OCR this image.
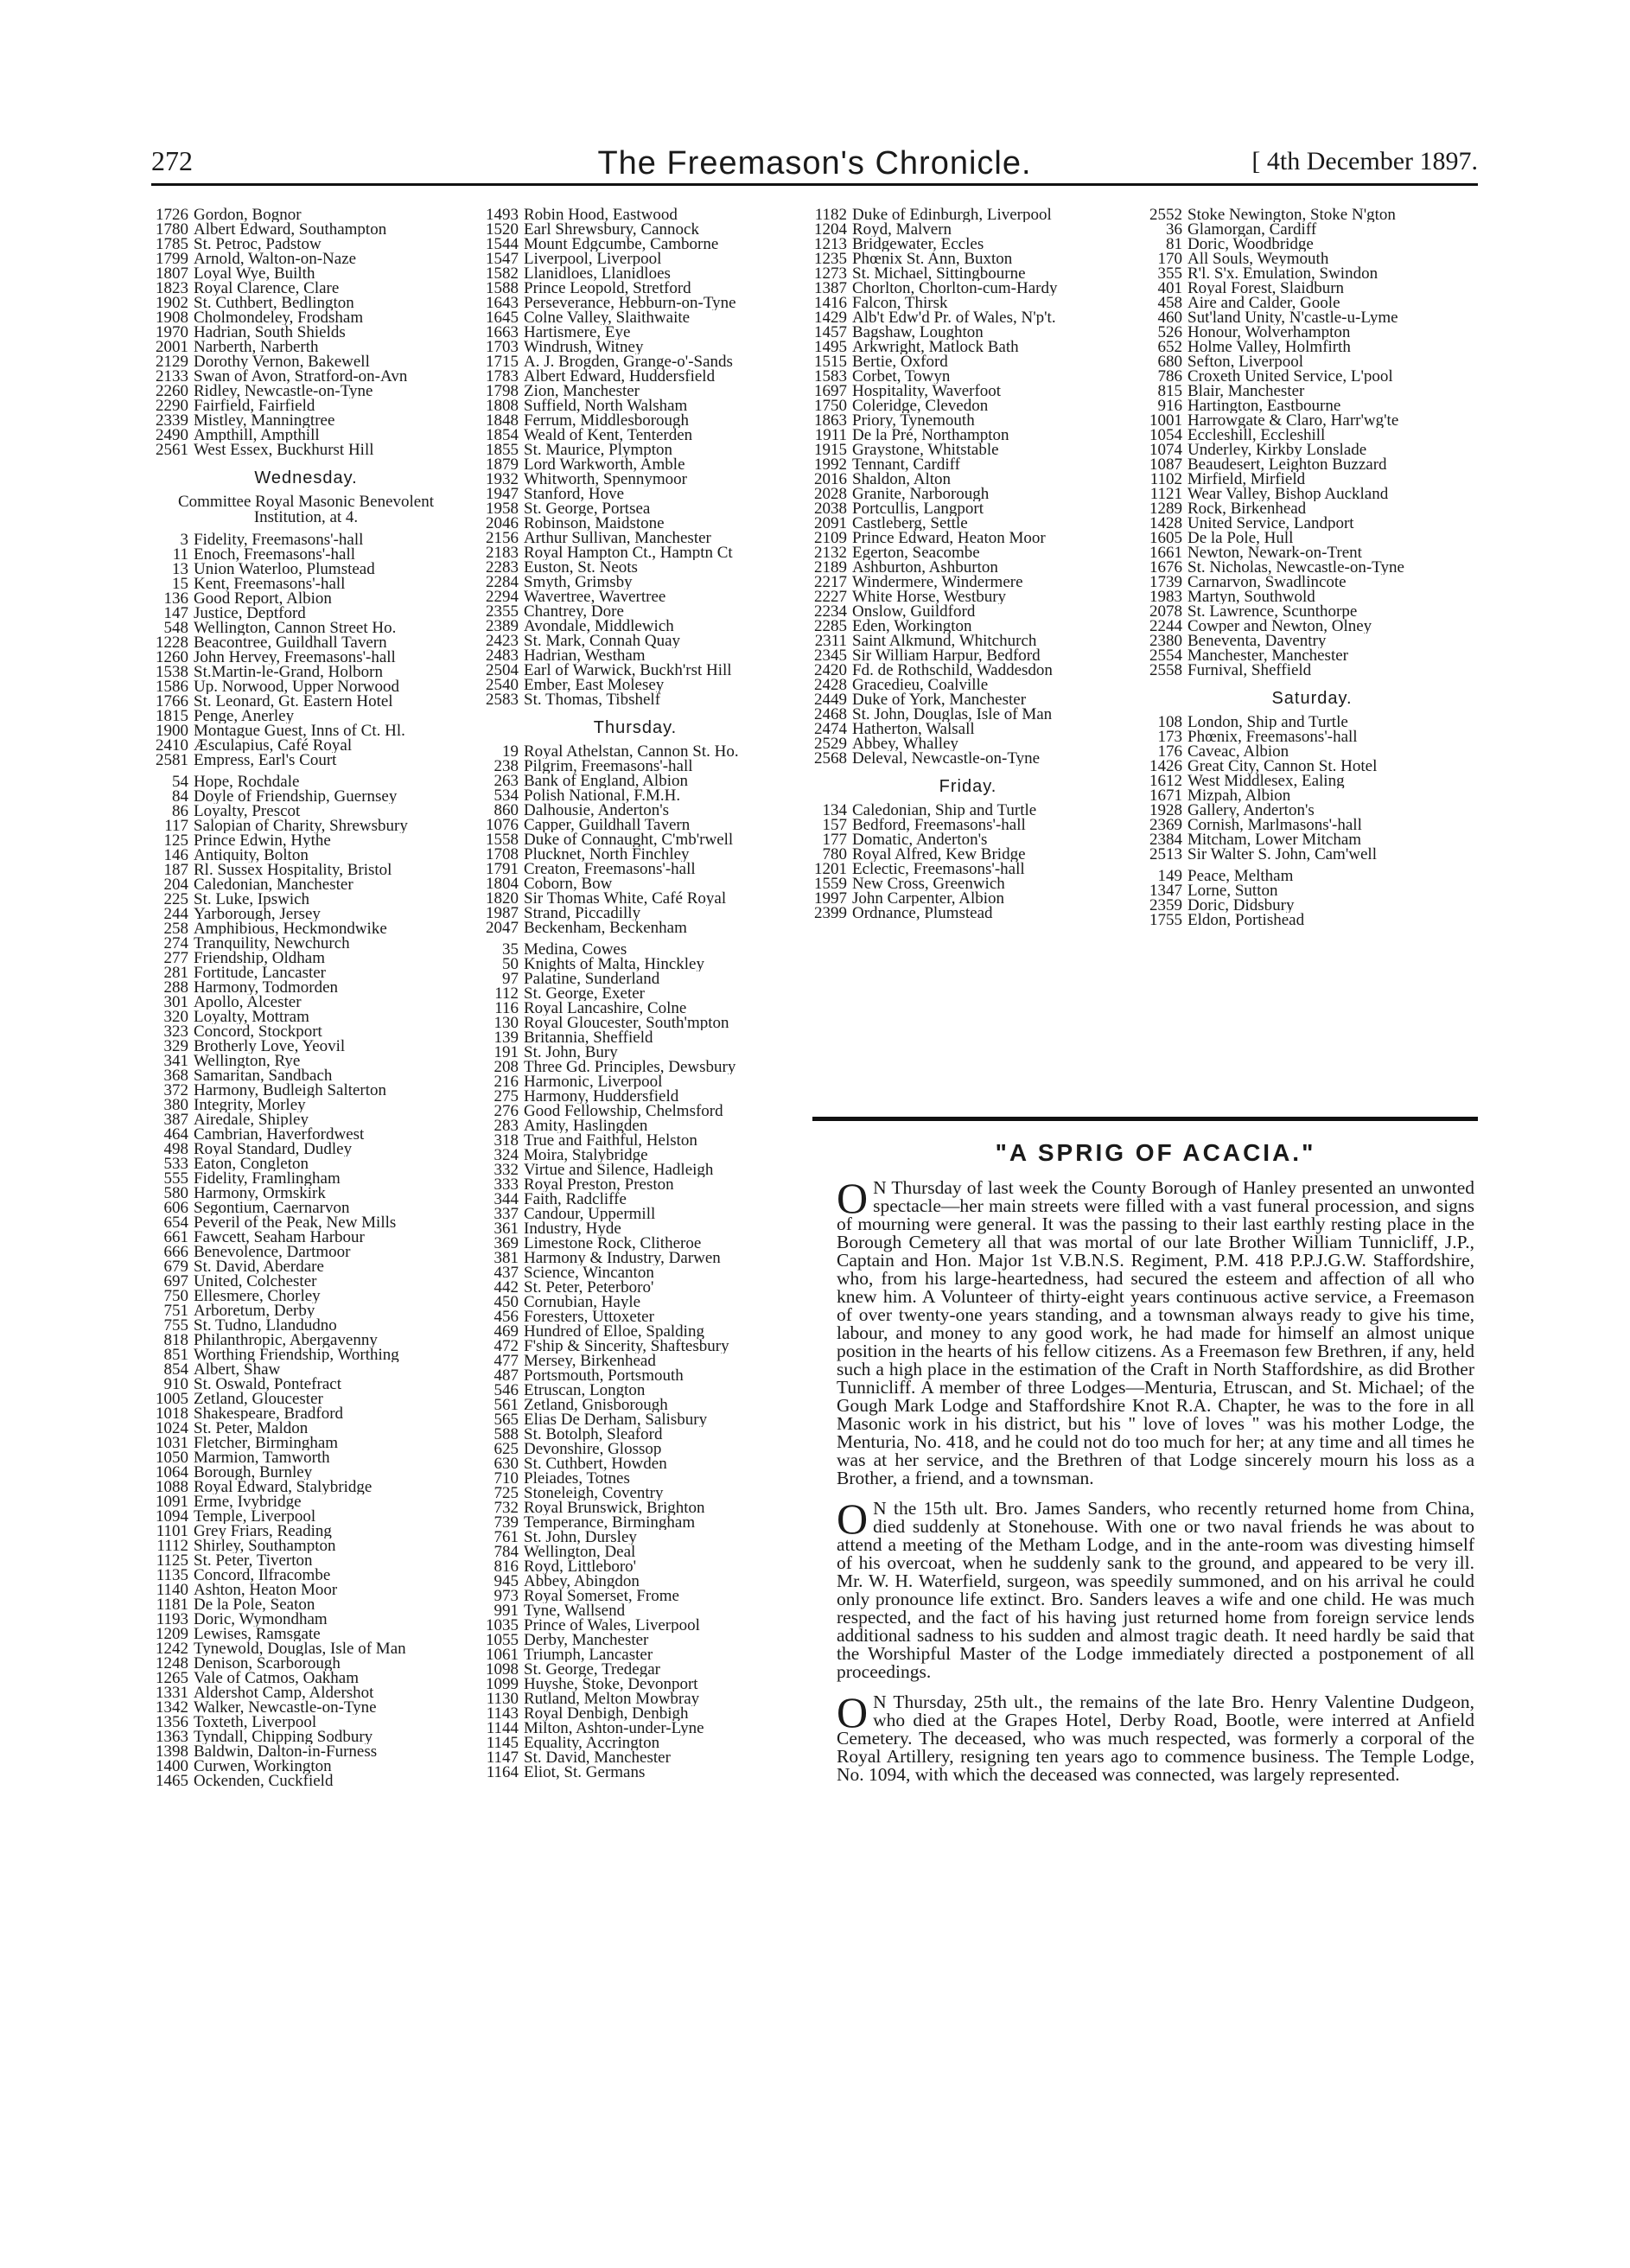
272	The Freemason's Chronicle.	[ 4th December 1897.
1726 Gordon, Bognor
1780 Albert Edward, Southampton
1785 St. Petroc, Padstow
1799 Arnold, Walton-on-Naze
1807 Loyal Wye, Builth
1823 Royal Clarence, Clare
1902 St. Cuthbert, Bedlington
1908 Cholmondeley, Frodsham
1970 Hadrian, South Shields
2001 Narberth, Narberth
2129 Dorothy Vernon, Bakewell
2133 Swan of Avon, Stratford-on-Avn
2260 Ridley, Newcastle-on-Tyne
2290 Fairfield, Fairfield
2339 Mistley, Manningtree
2490 Ampthill, Ampthill
2561 West Essex, Buckhurst Hill
Wednesday.
Committee Royal Masonic Benevolent Institution, at 4.
3 Fidelity, Freemasons'-hall
11 Enoch, Freemasons'-hall
13 Union Waterloo, Plumstead
15 Kent, Freemasons'-hall
136 Good Report, Albion
147 Justice, Deptford
548 Wellington, Cannon Street Ho.
1228 Beacontree, Guildhall Tavern
1260 John Hervey, Freemasons'-hall
1538 St.Martin-le-Grand, Holborn
1586 Up. Norwood, Upper Norwood
1766 St. Leonard, Gt. Eastern Hotel
1815 Penge, Anerley
1900 Montague Guest, Inns of Ct. Hl.
2410 Æsculapius, Café Royal
2581 Empress, Earl's Court
54 Hope, Rochdale
84 Doyle of Friendship, Guernsey
86 Loyalty, Prescot
117 Salopian of Charity, Shrewsbury
125 Prince Edwin, Hythe
146 Antiquity, Bolton
187 Rl. Sussex Hospitality, Bristol
204 Caledonian, Manchester
225 St. Luke, Ipswich
244 Yarborough, Jersey
258 Amphibious, Heckmondwike
274 Tranquility, Newchurch
277 Friendship, Oldham
281 Fortitude, Lancaster
288 Harmony, Todmorden
301 Apollo, Alcester
320 Loyalty, Mottram
323 Concord, Stockport
329 Brotherly Love, Yeovil
341 Wellington, Rye
368 Samaritan, Sandbach
372 Harmony, Budleigh Salterton
380 Integrity, Morley
387 Airedale, Shipley
464 Cambrian, Haverfordwest
498 Royal Standard, Dudley
533 Eaton, Congleton
555 Fidelity, Framlingham
580 Harmony, Ormskirk
606 Segontium, Caernarvon
654 Peveril of the Peak, New Mills
661 Fawcett, Seaham Harbour
666 Benevolence, Dartmoor
679 St. David, Aberdare
697 United, Colchester
750 Ellesmere, Chorley
751 Arboretum, Derby
755 St. Tudno, Llandudno
818 Philanthropic, Abergavenny
851 Worthing Friendship, Worthing
854 Albert, Shaw
910 St. Oswald, Pontefract
1005 Zetland, Gloucester
1018 Shakespeare, Bradford
1024 St. Peter, Maldon
1031 Fletcher, Birmingham
1050 Marmion, Tamworth
1064 Borough, Burnley
1088 Royal Edward, Stalybridge
1091 Erme, Ivybridge
1094 Temple, Liverpool
1101 Grey Friars, Reading
1112 Shirley, Southampton
1125 St. Peter, Tiverton
1135 Concord, Ilfracombe
1140 Ashton, Heaton Moor
1181 De la Pole, Seaton
1193 Doric, Wymondham
1209 Lewises, Ramsgate
1242 Tynewold, Douglas, Isle of Man
1248 Denison, Scarborough
1265 Vale of Catmos, Oakham
1331 Aldershot Camp, Aldershot
1342 Walker, Newcastle-on-Tyne
1356 Toxteth, Liverpool
1363 Tyndall, Chipping Sodbury
1398 Baldwin, Dalton-in-Furness
1400 Curwen, Workington
1465 Ockenden, Cuckfield
1493 Robin Hood, Eastwood
1520 Earl Shrewsbury, Cannock
1544 Mount Edgcumbe, Camborne
1547 Liverpool, Liverpool
1582 Llanidloes, Llanidloes
1588 Prince Leopold, Stretford
1643 Perseverance, Hebburn-on-Tyne
1645 Colne Valley, Slaithwaite
1663 Hartismere, Eye
1703 Windrush, Witney
1715 A. J. Brogden, Grange-o'-Sands
1783 Albert Edward, Huddersfield
1798 Zion, Manchester
1808 Suffield, North Walsham
1848 Ferrum, Middlesborough
1854 Weald of Kent, Tenterden
1855 St. Maurice, Plympton
1879 Lord Warkworth, Amble
1932 Whitworth, Spennymoor
1947 Stanford, Hove
1958 St. George, Portsea
2046 Robinson, Maidstone
2156 Arthur Sullivan, Manchester
2183 Royal Hampton Ct., Hamptn Ct
2283 Euston, St. Neots
2284 Smyth, Grimsby
2294 Wavertree, Wavertree
2355 Chantrey, Dore
2389 Avondale, Middlewich
2423 St. Mark, Connah Quay
2483 Hadrian, Westham
2504 Earl of Warwick, Buckh'rst Hill
2540 Ember, East Molesey
2583 St. Thomas, Tibshelf
Thursday.
19 Royal Athelstan, Cannon St. Ho.
238 Pilgrim, Freemasons'-hall
263 Bank of England, Albion
534 Polish National, F.M.H.
860 Dalhousie, Anderton's
1076 Capper, Guildhall Tavern
1558 Duke of Connaught, C'mb'rwell
1708 Plucknet, North Finchley
1791 Creaton, Freemasons'-hall
1804 Coborn, Bow
1820 Sir Thomas White, Café Royal
1987 Strand, Piccadilly
2047 Beckenham, Beckenham
35 Medina, Cowes
50 Knights of Malta, Hinckley
97 Palatine, Sunderland
112 St. George, Exeter
116 Royal Lancashire, Colne
130 Royal Gloucester, South'mpton
139 Britannia, Sheffield
191 St. John, Bury
208 Three Gd. Principles, Dewsbury
216 Harmonic, Liverpool
275 Harmony, Huddersfield
276 Good Fellowship, Chelmsford
283 Amity, Haslingden
318 True and Faithful, Helston
324 Moira, Stalybridge
332 Virtue and Silence, Hadleigh
333 Royal Preston, Preston
344 Faith, Radcliffe
337 Candour, Uppermill
361 Industry, Hyde
369 Limestone Rock, Clitheroe
381 Harmony & Industry, Darwen
437 Science, Wincanton
442 St. Peter, Peterboro'
450 Cornubian, Hayle
456 Foresters, Uttoxeter
469 Hundred of Elloe, Spalding
472 F'ship & Sincerity, Shaftesbury
477 Mersey, Birkenhead
487 Portsmouth, Portsmouth
546 Etruscan, Longton
561 Zetland, Gnisborough
565 Elias De Derham, Salisbury
588 St. Botolph, Sleaford
625 Devonshire, Glossop
630 St. Cuthbert, Howden
710 Pleiades, Totnes
725 Stoneleigh, Coventry
732 Royal Brunswick, Brighton
739 Temperance, Birmingham
761 St. John, Dursley
784 Wellington, Deal
816 Royd, Littleboro'
945 Abbey, Abingdon
973 Royal Somerset, Frome
991 Tyne, Wallsend
1035 Prince of Wales, Liverpool
1055 Derby, Manchester
1061 Triumph, Lancaster
1098 St. George, Tredegar
1099 Huyshe, Stoke, Devonport
1130 Rutland, Melton Mowbray
1143 Royal Denbigh, Denbigh
1144 Milton, Ashton-under-Lyne
1145 Equality, Accrington
1147 St. David, Manchester
1164 Eliot, St. Germans
1182 Duke of Edinburgh, Liverpool
1204 Royd, Malvern
1213 Bridgewater, Eccles
1235 Phœnix St. Ann, Buxton
1273 St. Michael, Sittingbourne
1387 Chorlton, Chorlton-cum-Hardy
1416 Falcon, Thirsk
1429 Alb't Edw'd Pr. of Wales, N'p't.
1457 Bagshaw, Loughton
1495 Arkwright, Matlock Bath
1515 Bertie, Oxford
1583 Corbet, Towyn
1697 Hospitality, Waverfoot
1750 Coleridge, Clevedon
1863 Priory, Tynemouth
1911 De la Pré, Northampton
1915 Graystone, Whitstable
1992 Tennant, Cardiff
2016 Shaldon, Alton
2028 Granite, Narborough
2038 Portcullis, Langport
2091 Castleberg, Settle
2109 Prince Edward, Heaton Moor
2132 Egerton, Seacombe
2189 Ashburton, Ashburton
2217 Windermere, Windermere
2227 White Horse, Westbury
2234 Onslow, Guildford
2285 Eden, Workington
2311 Saint Alkmund, Whitchurch
2345 Sir William Harpur, Bedford
2420 Fd. de Rothschild, Waddesdon
2428 Gracedieu, Coalville
2449 Duke of York, Manchester
2468 St. John, Douglas, Isle of Man
2474 Hatherton, Walsall
2529 Abbey, Whalley
2568 Deleval, Newcastle-on-Tyne
Friday.
134 Caledonian, Ship and Turtle
157 Bedford, Freemasons'-hall
177 Domatic, Anderton's
780 Royal Alfred, Kew Bridge
1201 Eclectic, Freemasons'-hall
1559 New Cross, Greenwich
1997 John Carpenter, Albion
2399 Ordnance, Plumstead
2552 Stoke Newington, Stoke N'gton
36 Glamorgan, Cardiff
81 Doric, Woodbridge
170 All Souls, Weymouth
355 R'l. S'x. Emulation, Swindon
401 Royal Forest, Slaidburn
458 Aire and Calder, Goole
460 Sut'land Unity, N'castle-u-Lyme
526 Honour, Wolverhampton
652 Holme Valley, Holmfirth
680 Sefton, Liverpool
786 Croxeth United Service, L'pool
815 Blair, Manchester
916 Hartington, Eastbourne
1001 Harrowgate & Claro, Harr'wg'te
1054 Eccleshill, Eccleshill
1074 Underley, Kirkby Lonslade
1087 Beaudesert, Leighton Buzzard
1102 Mirfield, Mirfield
1121 Wear Valley, Bishop Auckland
1289 Rock, Birkenhead
1428 United Service, Landport
1605 De la Pole, Hull
1661 Newton, Newark-on-Trent
1676 St. Nicholas, Newcastle-on-Tyne
1739 Carnarvon, Swadlincote
1983 Martyn, Southwold
2078 St. Lawrence, Scunthorpe
2244 Cowper and Newton, Olney
2380 Beneventa, Daventry
2554 Manchester, Manchester
2558 Furnival, Sheffield
Saturday.
108 London, Ship and Turtle
173 Phœnix, Freemasons'-hall
176 Caveac, Albion
1426 Great City, Cannon St. Hotel
1612 West Middlesex, Ealing
1671 Mizpah, Albion
1928 Gallery, Anderton's
2369 Cornish, Marlmasons'-hall
2384 Mitcham, Lower Mitcham
2513 Sir Walter S. John, Cam'well
149 Peace, Meltham
1347 Lorne, Sutton
2359 Doric, Didsbury
1755 Eldon, Portishead
"A SPRIG OF ACACIA."

O N Thursday of last week the County Borough of Hanley presented an unwonted spectacle—her main streets were filled with a vast funeral procession, and signs of mourning were general. It was the passing to their last earthly resting place in the Borough Cemetery all that was mortal of our late Brother William Tunnicliff, J.P., Captain and Hon. Major 1st V.B.N.S. Regiment, P.M. 418 P.P.J.G.W. Staffordshire, who, from his large-heartedness, had secured the esteem and affection of all who knew him. A Volunteer of thirty-eight years continuous active service, a Freemason of over twenty-one years standing, and a townsman always ready to give his time, labour, and money to any good work, he had made for himself an almost unique position in the hearts of his fellow citizens. As a Freemason few Brethren, if any, held such a high place in the estimation of the Craft in North Staffordshire, as did Brother Tunnicliff. A member of three Lodges—Menturia, Etruscan, and St. Michael; of the Gough Mark Lodge and Staffordshire Knot R.A. Chapter, he was to the fore in all Masonic work in his district, but his " love of loves " was his mother Lodge, the Menturia, No. 418, and he could not do too much for her; at any time and all times he was at her service, and the Brethren of that Lodge sincerely mourn his loss as a Brother, a friend, and a townsman.

O N the 15th ult. Bro. James Sanders, who recently returned home from China, died suddenly at Stonehouse. With one or two naval friends he was about to attend a meeting of the Metham Lodge, and in the ante-room was divesting himself of his overcoat, when he suddenly sank to the ground, and appeared to be very ill. Mr. W. H. Waterfield, surgeon, was speedily summoned, and on his arrival he could only pronounce life extinct. Bro. Sanders leaves a wife and one child. He was much respected, and the fact of his having just returned home from foreign service lends additional sadness to his sudden and almost tragic death. It need hardly be said that the Worshipful Master of the Lodge immediately directed a postponement of all proceedings.

O N Thursday, 25th ult., the remains of the late Bro. Henry Valentine Dudgeon, who died at the Grapes Hotel, Derby Road, Bootle, were interred at Anfield Cemetery. The deceased, who was much respected, was formerly a corporal of the Royal Artillery, resigning ten years ago to commence business. The Temple Lodge, No. 1094, with which the deceased was connected, was largely represented.
